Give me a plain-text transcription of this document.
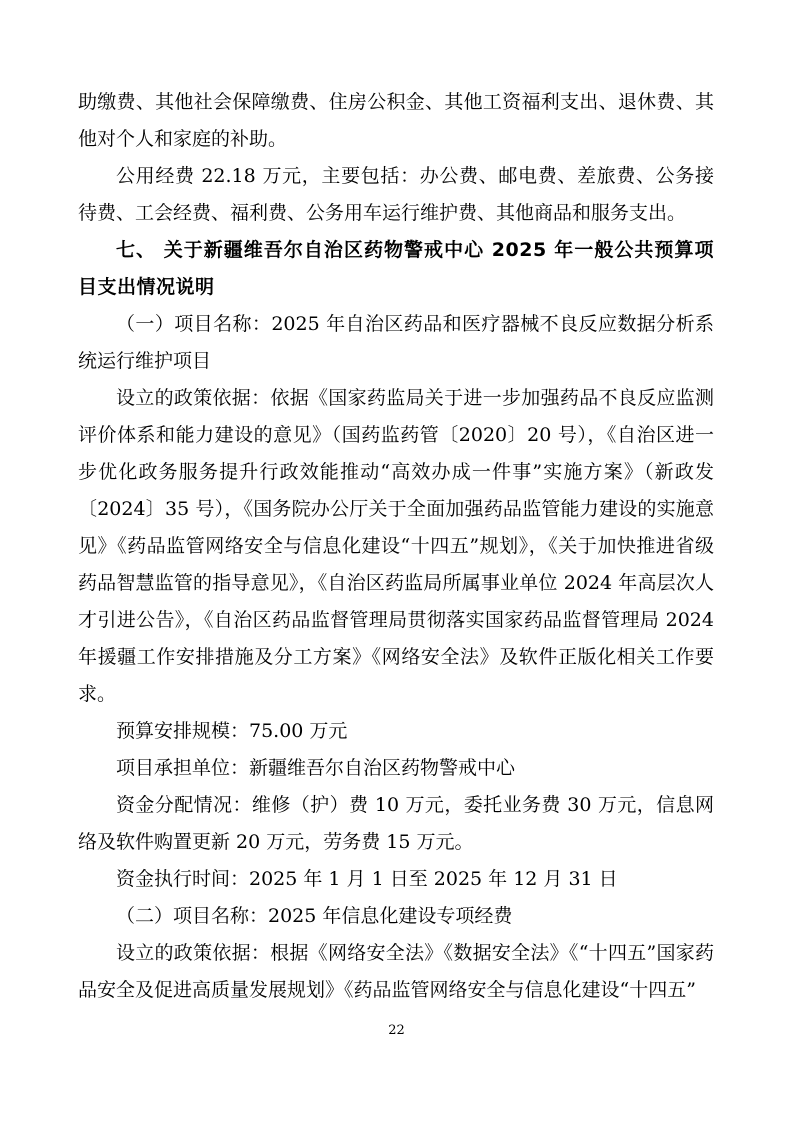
助缴费、其他社会保障缴费、住房公积金、其他工资福利支出、退休费、其他对个人和家庭的补助。

公用经费 22.18 万元，主要包括：办公费、邮电费、差旅费、公务接待费、工会经费、福利费、公务用车运行维护费、其他商品和服务支出。

七、 关于新疆维吾尔自治区药物警戒中心 2025 年一般公共预算项目支出情况说明

（一）项目名称：2025 年自治区药品和医疗器械不良反应数据分析系统运行维护项目

设立的政策依据：依据《国家药监局关于进一步加强药品不良反应监测评价体系和能力建设的意见》（国药监药管〔2020〕20 号），《自治区进一步优化政务服务提升行政效能推动“高效办成一件事”实施方案》（新政发〔2024〕35 号），《国务院办公厅关于全面加强药品监管能力建设的实施意见》《药品监管网络安全与信息化建设“十四五”规划》，《关于加快推进省级药品智慧监管的指导意见》，《自治区药监局所属事业单位 2024 年高层次人才引进公告》，《自治区药品监督管理局贯彻落实国家药品监督管理局 2024 年援疆工作安排措施及分工方案》《网络安全法》及软件正版化相关工作要求。

预算安排规模：75.00 万元

项目承担单位：新疆维吾尔自治区药物警戒中心

资金分配情况：维修（护）费 10 万元，委托业务费 30 万元，信息网络及软件购置更新 20 万元，劳务费 15 万元。

资金执行时间：2025 年 1 月 1 日至 2025 年 12 月 31 日

（二）项目名称：2025 年信息化建设专项经费

设立的政策依据：根据《网络安全法》《数据安全法》《“十四五”国家药品安全及促进高质量发展规划》《药品监管网络安全与信息化建设“十四五”

22
